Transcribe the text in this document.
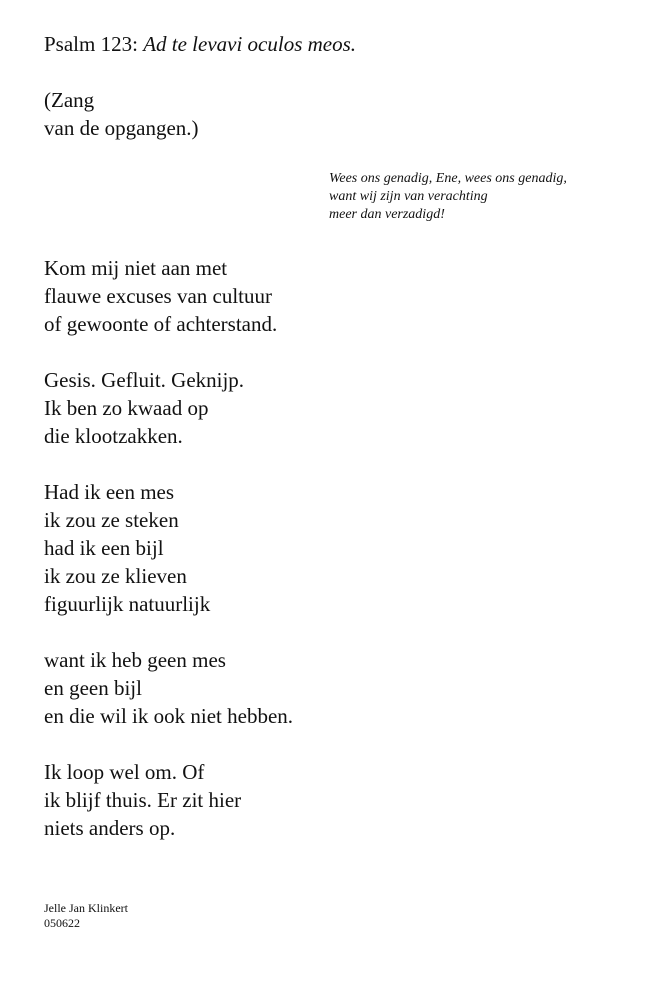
Psalm 123: Ad te levavi oculos meos.
(Zang
van de opgangen.)
Wees ons genadig, Ene, wees ons genadig,
want wij zijn van verachting
meer dan verzadigd!
Kom mij niet aan met
flauwe excuses van cultuur
of gewoonte of achterstand.
Gesis. Gefluit. Geknijp.
Ik ben zo kwaad op
die klootzakken.
Had ik een mes
ik zou ze steken
had ik een bijl
ik zou ze klieven
figuurlijk natuurlijk
want ik heb geen mes
en geen bijl
en die wil ik ook niet hebben.
Ik loop wel om. Of
ik blijf thuis. Er zit hier
niets anders op.
Jelle Jan Klinkert
050622
